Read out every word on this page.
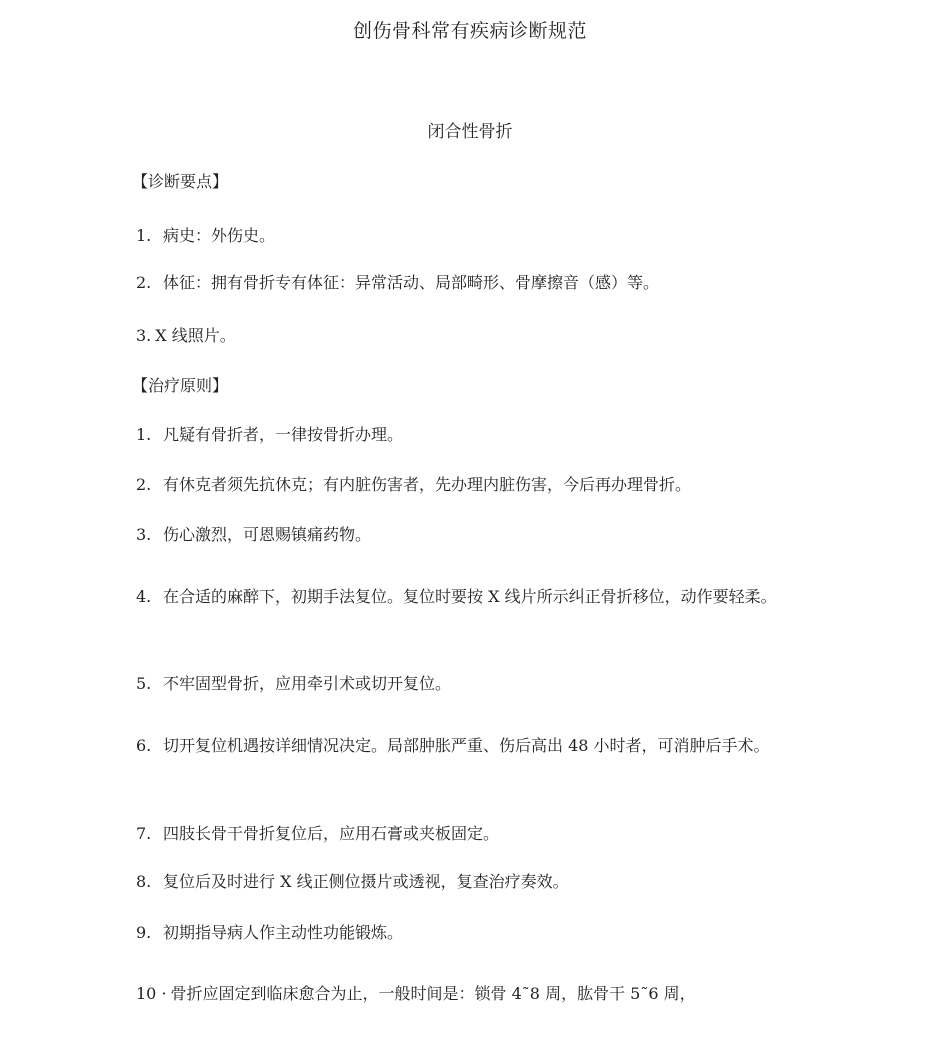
创伤骨科常有疾病诊断规范
闭合性骨折
【诊断要点】
1. 病史：外伤史。
2. 体征：拥有骨折专有体征：异常活动、局部畸形、骨摩擦音（感）等。
3. X 线照片。
【治疗原则】
1. 凡疑有骨折者，一律按骨折办理。
2. 有休克者须先抗休克；有内脏伤害者，先办理内脏伤害，今后再办理骨折。
3. 伤心激烈，可恩赐镇痛药物。
4. 在合适的麻醉下，初期手法复位。复位时要按 X 线片所示纠正骨折移位，动作要轻柔。
5. 不牢固型骨折，应用牵引术或切开复位。
6. 切开复位机遇按详细情况决定。局部肿胀严重、伤后高出 48 小时者，可消肿后手术。
7. 四肢长骨干骨折复位后，应用石膏或夹板固定。
8. 复位后及时进行 X 线正侧位摄片或透视，复查治疗奏效。
9. 初期指导病人作主动性功能锻炼。
10 · 骨折应固定到临床愈合为止，一般时间是：锁骨 4˜8 周，肱骨干 5˜6 周，
